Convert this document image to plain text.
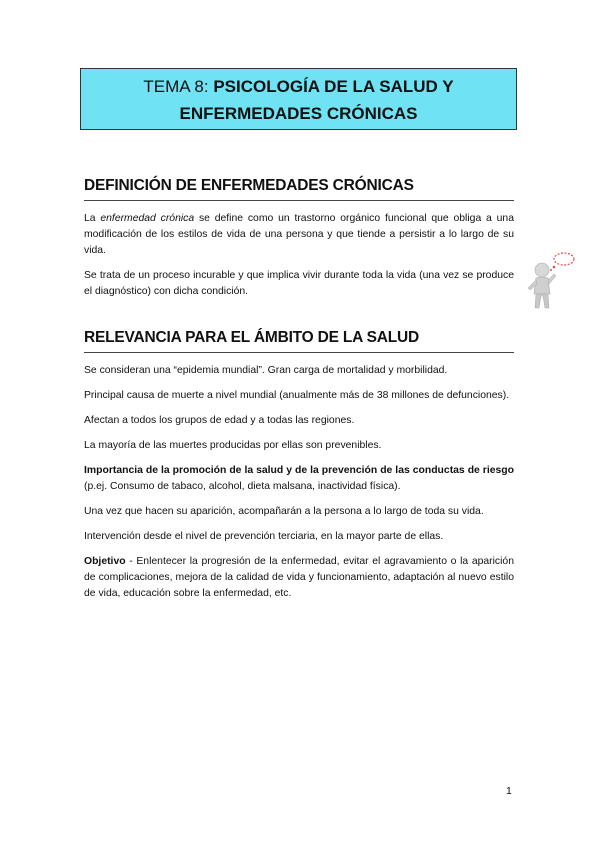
TEMA 8: PSICOLOGÍA DE LA SALUD Y
ENFERMEDADES CRÓNICAS
DEFINICIÓN DE ENFERMEDADES CRÓNICAS

La enfermedad crónica se define como un trastorno orgánico funcional que obliga a una modificación de los estilos de vida de una persona y que tiende a persistir a lo largo de su vida.

Se trata de un proceso incurable y que implica vivir durante toda la vida (una vez se produce el diagnóstico) con dicha condición.

RELEVANCIA PARA EL ÁMBITO DE LA SALUD

Se consideran una “epidemia mundial”. Gran carga de mortalidad y morbilidad.

Principal causa de muerte a nivel mundial (anualmente más de 38 millones de defunciones).

Afectan a todos los grupos de edad y a todas las regiones.

La mayoría de las muertes producidas por ellas son prevenibles.

Importancia de la promoción de la salud y de la prevención de las conductas de riesgo (p.ej. Consumo de tabaco, alcohol, dieta malsana, inactividad física).

Una vez que hacen su aparición, acompañarán a la persona a lo largo de toda su vida.

Intervención desde el nivel de prevención terciaria, en la mayor parte de ellas.

Objetivo - Enlentecer la progresión de la enfermedad, evitar el agravamiento o la aparición de complicaciones, mejora de la calidad de vida y funcionamiento, adaptación al nuevo estilo de vida, educación sobre la enfermedad, etc.

1
